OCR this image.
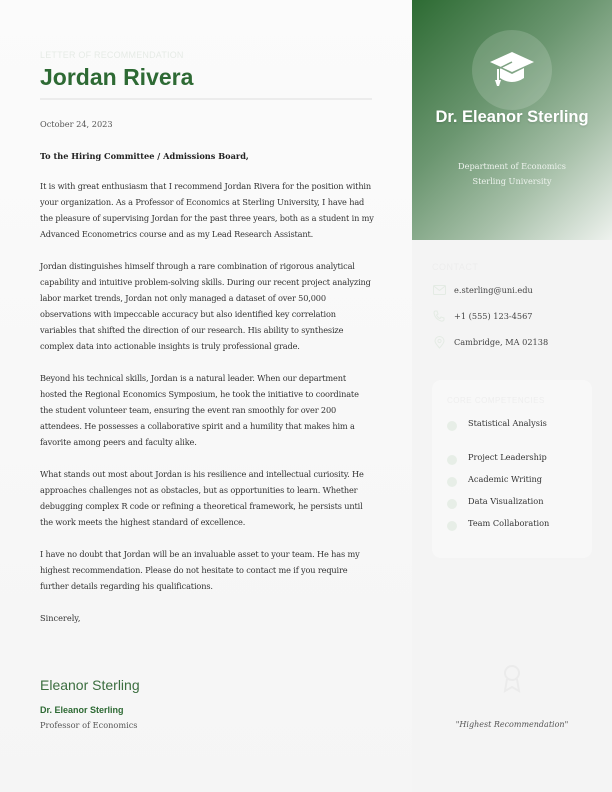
LETTER OF RECOMMENDATION
Jordan Rivera
October 24, 2023
To the Hiring Committee / Admissions Board,

It is with great enthusiasm that I recommend Jordan Rivera for the position within your organization. As a Professor of Economics at Sterling University, I have had the pleasure of supervising Jordan for the past three years, both as a student in my Advanced Econometrics course and as my Lead Research Assistant.

Jordan distinguishes himself through a rare combination of rigorous analytical capability and intuitive problem-solving skills. During our recent project analyzing labor market trends, Jordan not only managed a dataset of over 50,000 observations with impeccable accuracy but also identified key correlation variables that shifted the direction of our research. His ability to synthesize complex data into actionable insights is truly professional grade.

Beyond his technical skills, Jordan is a natural leader. When our department hosted the Regional Economics Symposium, he took the initiative to coordinate the student volunteer team, ensuring the event ran smoothly for over 200 attendees. He possesses a collaborative spirit and a humility that makes him a favorite among peers and faculty alike.

What stands out most about Jordan is his resilience and intellectual curiosity. He approaches challenges not as obstacles, but as opportunities to learn. Whether debugging complex R code or refining a theoretical framework, he persists until the work meets the highest standard of excellence.

I have no doubt that Jordan will be an invaluable asset to your team. He has my highest recommendation. Please do not hesitate to contact me if you require further details regarding his qualifications.

Sincerely,
Eleanor Sterling
Dr. Eleanor Sterling
Professor of Economics
Dr. Eleanor Sterling
Department of Economics
Sterling University
CONTACT
e.sterling@uni.edu
+1 (555) 123-4567
Cambridge, MA 02138
CORE COMPETENCIES
Statistical Analysis
Project Leadership
Academic Writing
Data Visualization
Team Collaboration
"Highest Recommendation"
